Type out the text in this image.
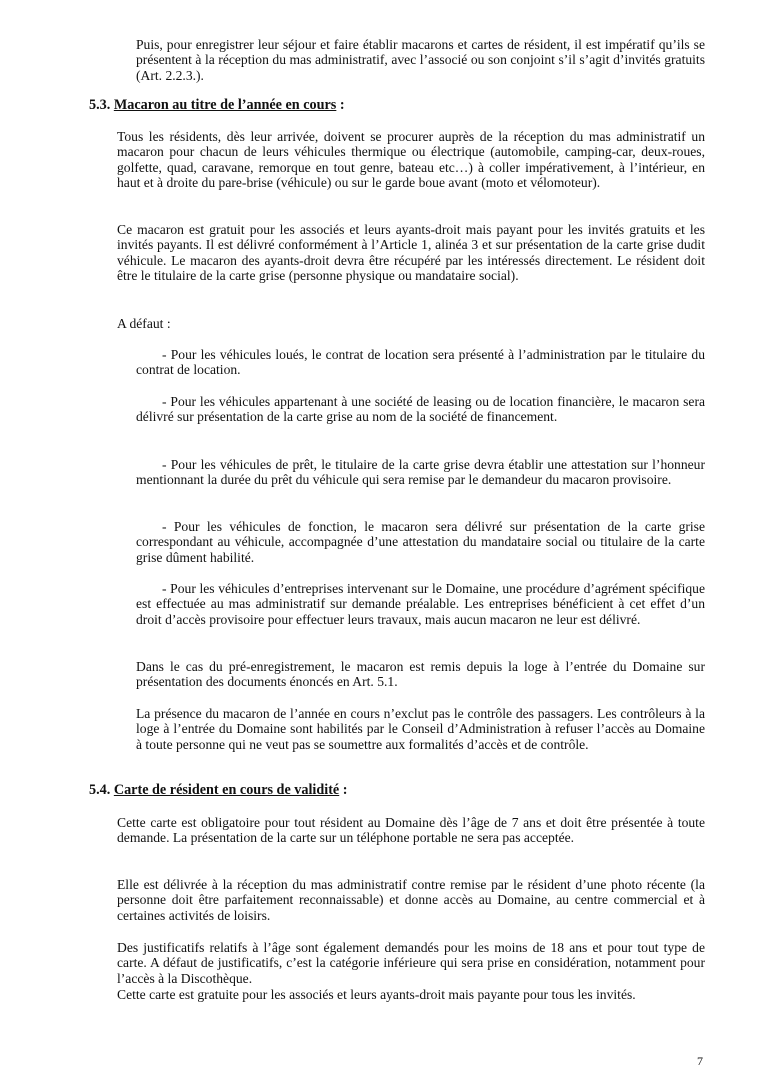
Puis, pour enregistrer leur séjour et faire établir macarons et cartes de résident, il est impératif qu’ils se présentent à la réception du mas administratif, avec l’associé ou son conjoint s’il s’agit d’invités gratuits (Art. 2.2.3.).

5.3. Macaron au titre de l’année en cours :

Tous les résidents, dès leur arrivée, doivent se procurer auprès de la réception du mas administratif un macaron pour chacun de leurs véhicules thermique ou électrique (automobile, camping-car, deux-roues, golfette, quad, caravane, remorque en tout genre, bateau etc…) à coller impérativement, à l’intérieur, en haut et à droite du pare-brise (véhicule) ou sur le garde boue avant (moto et vélomoteur).

Ce macaron est gratuit pour les associés et leurs ayants-droit mais payant pour les invités gratuits et les invités payants. Il est délivré conformément à l’Article 1, alinéa 3 et sur présentation de la carte grise dudit véhicule. Le macaron des ayants-droit devra être récupéré par les intéressés directement. Le résident doit être le titulaire de la carte grise (personne physique ou mandataire social).

A défaut :

- Pour les véhicules loués, le contrat de location sera présenté à l’administration par le titulaire du contrat de location.

- Pour les véhicules appartenant à une société de leasing ou de location financière, le macaron sera délivré sur présentation de la carte grise au nom de la société de financement.

- Pour les véhicules de prêt, le titulaire de la carte grise devra établir une attestation sur l’honneur mentionnant la durée du prêt du véhicule qui sera remise par le demandeur du macaron provisoire.

- Pour les véhicules de fonction, le macaron sera délivré sur présentation de la carte grise correspondant au véhicule, accompagnée d’une attestation du mandataire social ou titulaire de la carte grise dûment habilité.

- Pour les véhicules d’entreprises intervenant sur le Domaine, une procédure d’agrément spécifique est effectuée au mas administratif sur demande préalable. Les entreprises bénéficient à cet effet d’un droit d’accès provisoire pour effectuer leurs travaux, mais aucun macaron ne leur est délivré.

Dans le cas du pré-enregistrement, le macaron est remis depuis la loge à l’entrée du Domaine sur présentation des documents énoncés en Art. 5.1.

La présence du macaron de l’année en cours n’exclut pas le contrôle des passagers. Les contrôleurs à la loge à l’entrée du Domaine sont habilités par le Conseil d’Administration à refuser l’accès au Domaine à toute personne qui ne veut pas se soumettre aux formalités d’accès et de contrôle.

5.4. Carte de résident en cours de validité :

Cette carte est obligatoire pour tout résident au Domaine dès l’âge de 7 ans et doit être présentée à toute demande. La présentation de la carte sur un téléphone portable ne sera pas acceptée.

Elle est délivrée à la réception du mas administratif contre remise par le résident d’une photo récente (la personne doit être parfaitement reconnaissable) et donne accès au Domaine, au centre commercial et à certaines activités de loisirs.

Des justificatifs relatifs à l’âge sont également demandés pour les moins de 18 ans et pour tout type de carte. A défaut de justificatifs, c’est la catégorie inférieure qui sera prise en considération, notamment pour l’accès à la Discothèque.

Cette carte est gratuite pour les associés et leurs ayants-droit mais payante pour tous les invités.

7
